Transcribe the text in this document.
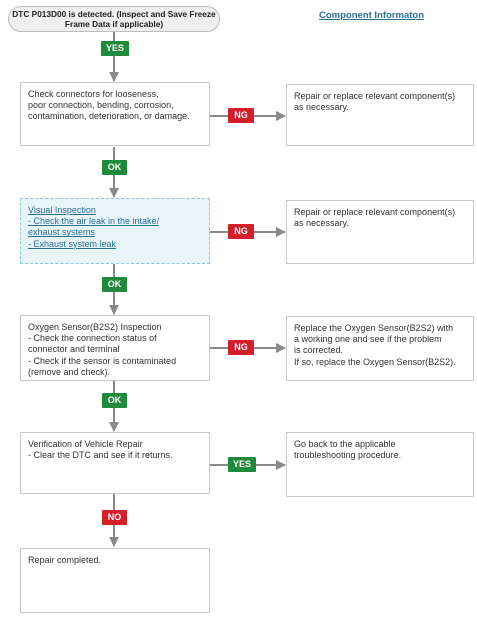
DTC P013D00 is detected. (Inspect and Save Freeze Frame Data if applicable)
Component Informaton
Check connectors for looseness,
poor connection, bending, corrosion,
contamination, deterioration, or damage.
Visual Inspection
- Check the air leak in the intake/
exhaust systems
- Exhaust system leak
Oxygen Sensor(B2S2) Inspection
- Check the connection status of
connector and terminal
- Check if the sensor is contaminated
(remove and check).
Verification of Vehicle Repair
- Clear the DTC and see if it returns.
Repair completed.
Repair or replace relevant component(s)
as necessary.
Repair or replace relevant component(s)
as necessary.
Replace the Oxygen Sensor(B2S2) with
a working one and see if the problem
is corrected.
If so, replace the Oxygen Sensor(B2S2).
Go back to the applicable
troubleshooting procedure.
YES
OK
OK
OK
NO
NG
NG
NG
YES
